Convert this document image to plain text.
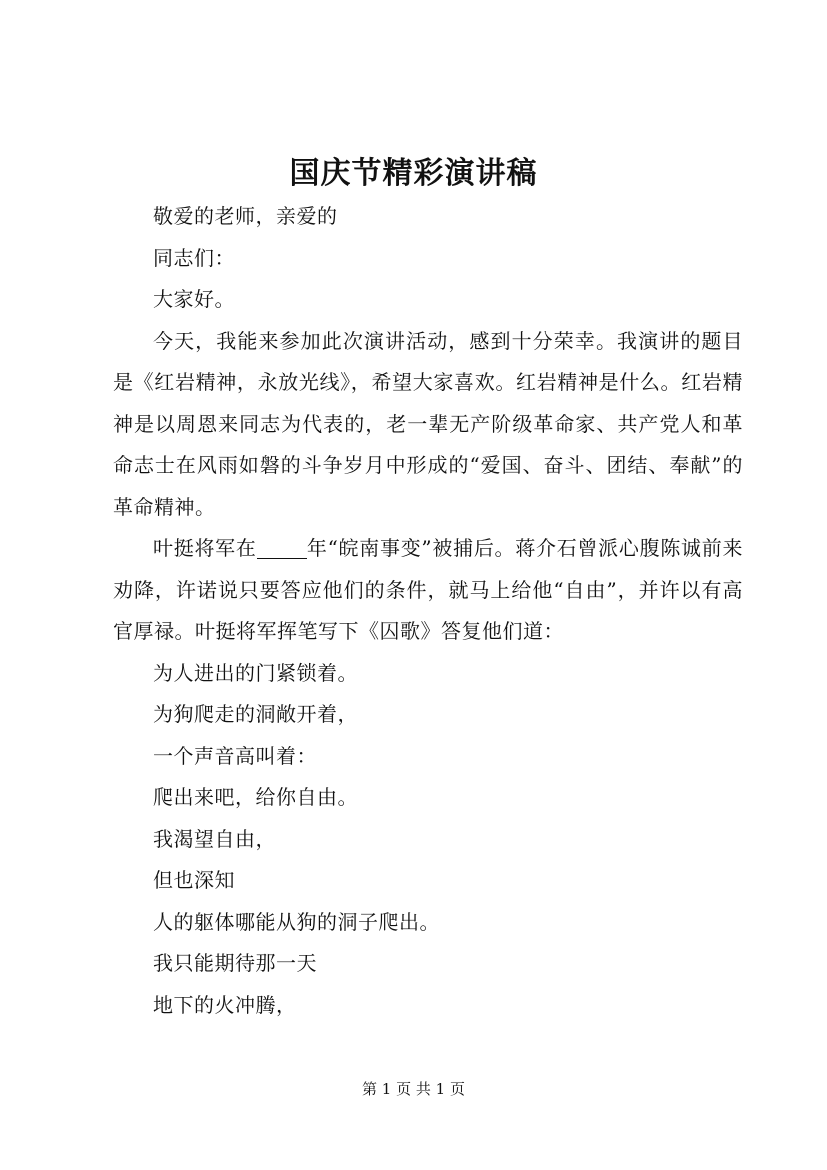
国庆节精彩演讲稿

敬爱的老师，亲爱的

同志们：

大家好。

今天，我能来参加此次演讲活动，感到十分荣幸。我演讲的题目是《红岩精神，永放光线》，希望大家喜欢。红岩精神是什么。红岩精神是以周恩来同志为代表的，老一辈无产阶级革命家、共产党人和革命志士在风雨如磐的斗争岁月中形成的“爱国、奋斗、团结、奉献”的革命精神。

叶挺将军在	年“皖南事变”被捕后。蒋介石曾派心腹陈诚前来劝降，许诺说只要答应他们的条件，就马上给他“自由”，并许以有高官厚禄。叶挺将军挥笔写下《囚歌》答复他们道：

为人进出的门紧锁着。

为狗爬走的洞敞开着，

一个声音高叫着：

爬出来吧，给你自由。

我渴望自由，

但也深知

人的躯体哪能从狗的洞子爬出。

我只能期待那一天

地下的火冲腾，

第 1 页 共 1 页
